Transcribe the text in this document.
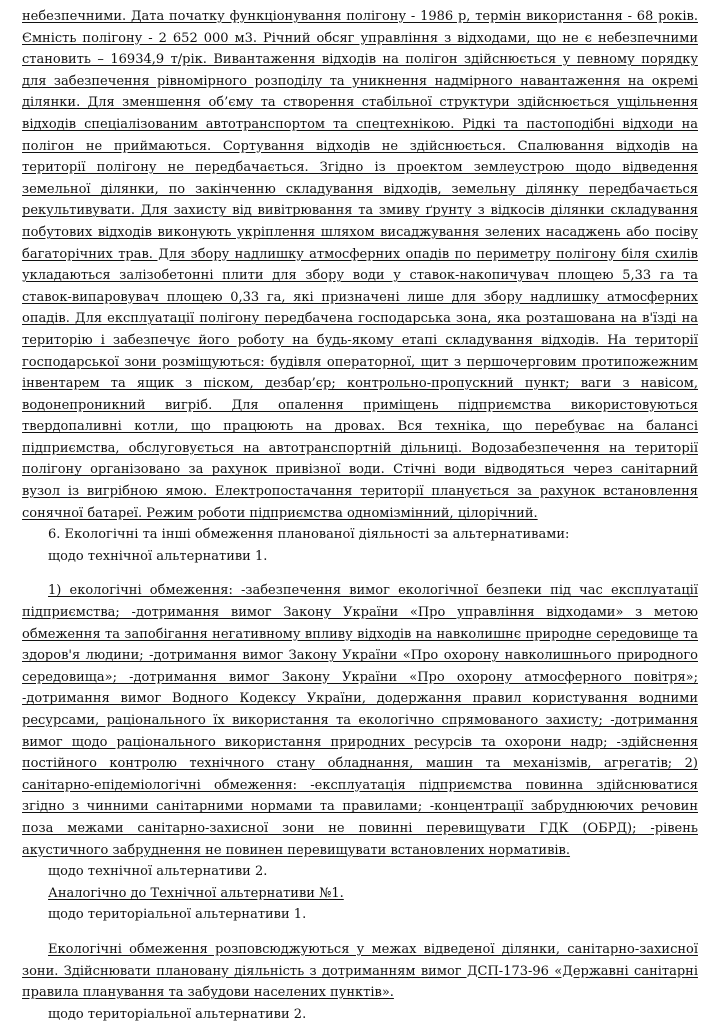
небезпечними. Дата початку функціонування полігону - 1986 р, термін використання - 68 років. Ємність полігону - 2 652 000 м3. Річний обсяг управління з відходами, що не є небезпечними становить – 16934,9 т/рік. Вивантаження відходів на полігон здійснюється у певному порядку для забезпечення рівномірного розподілу та уникнення надмірного навантаження на окремі ділянки. Для зменшення об’єму та створення стабільної структури здійснюється ущільнення відходів спеціалізованим автотранспортом та спецтехнікою. Рідкі та пастоподібні відходи на полігон не приймаються. Сортування відходів не здійснюється. Спалювання відходів на території полігону не передбачається. Згідно із проектом землеустрою щодо відведення земельної ділянки, по закінченню складування відходів, земельну ділянку передбачається рекультивувати. Для захисту від вивітрювання та змиву ґрунту з відкосів ділянки складування побутових відходів виконують укріплення шляхом висаджування зелених насаджень або посіву багаторічних трав. Для збору надлишку атмосферних опадів по периметру полігону біля схилів укладаються залізобетонні плити для збору води у ставок-накопичувач площею 5,33 га та ставок-випаровувач площею 0,33 га, які призначені лише для збору надлишку атмосферних опадів. Для експлуатації полігону передбачена господарська зона, яка розташована на в'їзді на територію і забезпечує його роботу на будь-якому етапі складування відходів. На території господарської зони розміщуються: будівля операторної, щит з першочерговим протипожежним інвентарем та ящик з піском, дезбар’єр; контрольно-пропускний пункт; ваги з навісом, водонепроникний вигріб. Для опалення приміщень підприємства використовуються твердопаливні котли, що працюють на дровах. Вся техніка, що перебуває на балансі підприємства, обслуговується на автотранспортній дільниці. Водозабезпечення на території полігону організовано за рахунок привізної води. Стічні води відводяться через санітарний вузол із вигрібною ямою. Електропостачання території планується за рахунок встановлення сонячної батареї. Режим роботи підприємства одномізмінний, цілорічний.

6. Екологічні та інші обмеження планованої діяльності за альтернативами:

щодо технічної альтернативи 1.

1) екологічні обмеження: -забезпечення вимог екологічної безпеки під час експлуатації підприємства; -дотримання вимог Закону України «Про управління відходами» з метою обмеження та запобігання негативному впливу відходів на навколишнє природне середовище та здоров'я людини; -дотримання вимог Закону України «Про охорону навколишнього природного середовища»; -дотримання вимог Закону України «Про охорону атмосферного повітря»; -дотримання вимог Водного Кодексу України, додержання правил користування водними ресурсами, раціонального їх використання та екологічно спрямованого захисту; -дотримання вимог щодо раціонального використання природних ресурсів та охорони надр; -здійснення постійного контролю технічного стану обладнання, машин та механізмів, агрегатів; 2) санітарно-епідеміологічні обмеження: -експлуатація підприємства повинна здійснюватися згідно з чинними санітарними нормами та правилами; -концентрації забруднюючих речовин поза межами санітарно-захисної зони не повинні перевищувати ГДК (ОБРД); -рівень акустичного забруднення не повинен перевищувати встановлених нормативів.

щодо технічної альтернативи 2.

Аналогічно до Технічної альтернативи №1.

щодо територіальної альтернативи 1.

Екологічні обмеження розповсюджуються у межах відведеної ділянки, санітарно-захисної зони. Здійснювати плановану діяльність з дотриманням вимог ДСП-173-96 «Державні санітарні правила планування та забудови населених пунктів».

щодо територіальної альтернативи 2.
